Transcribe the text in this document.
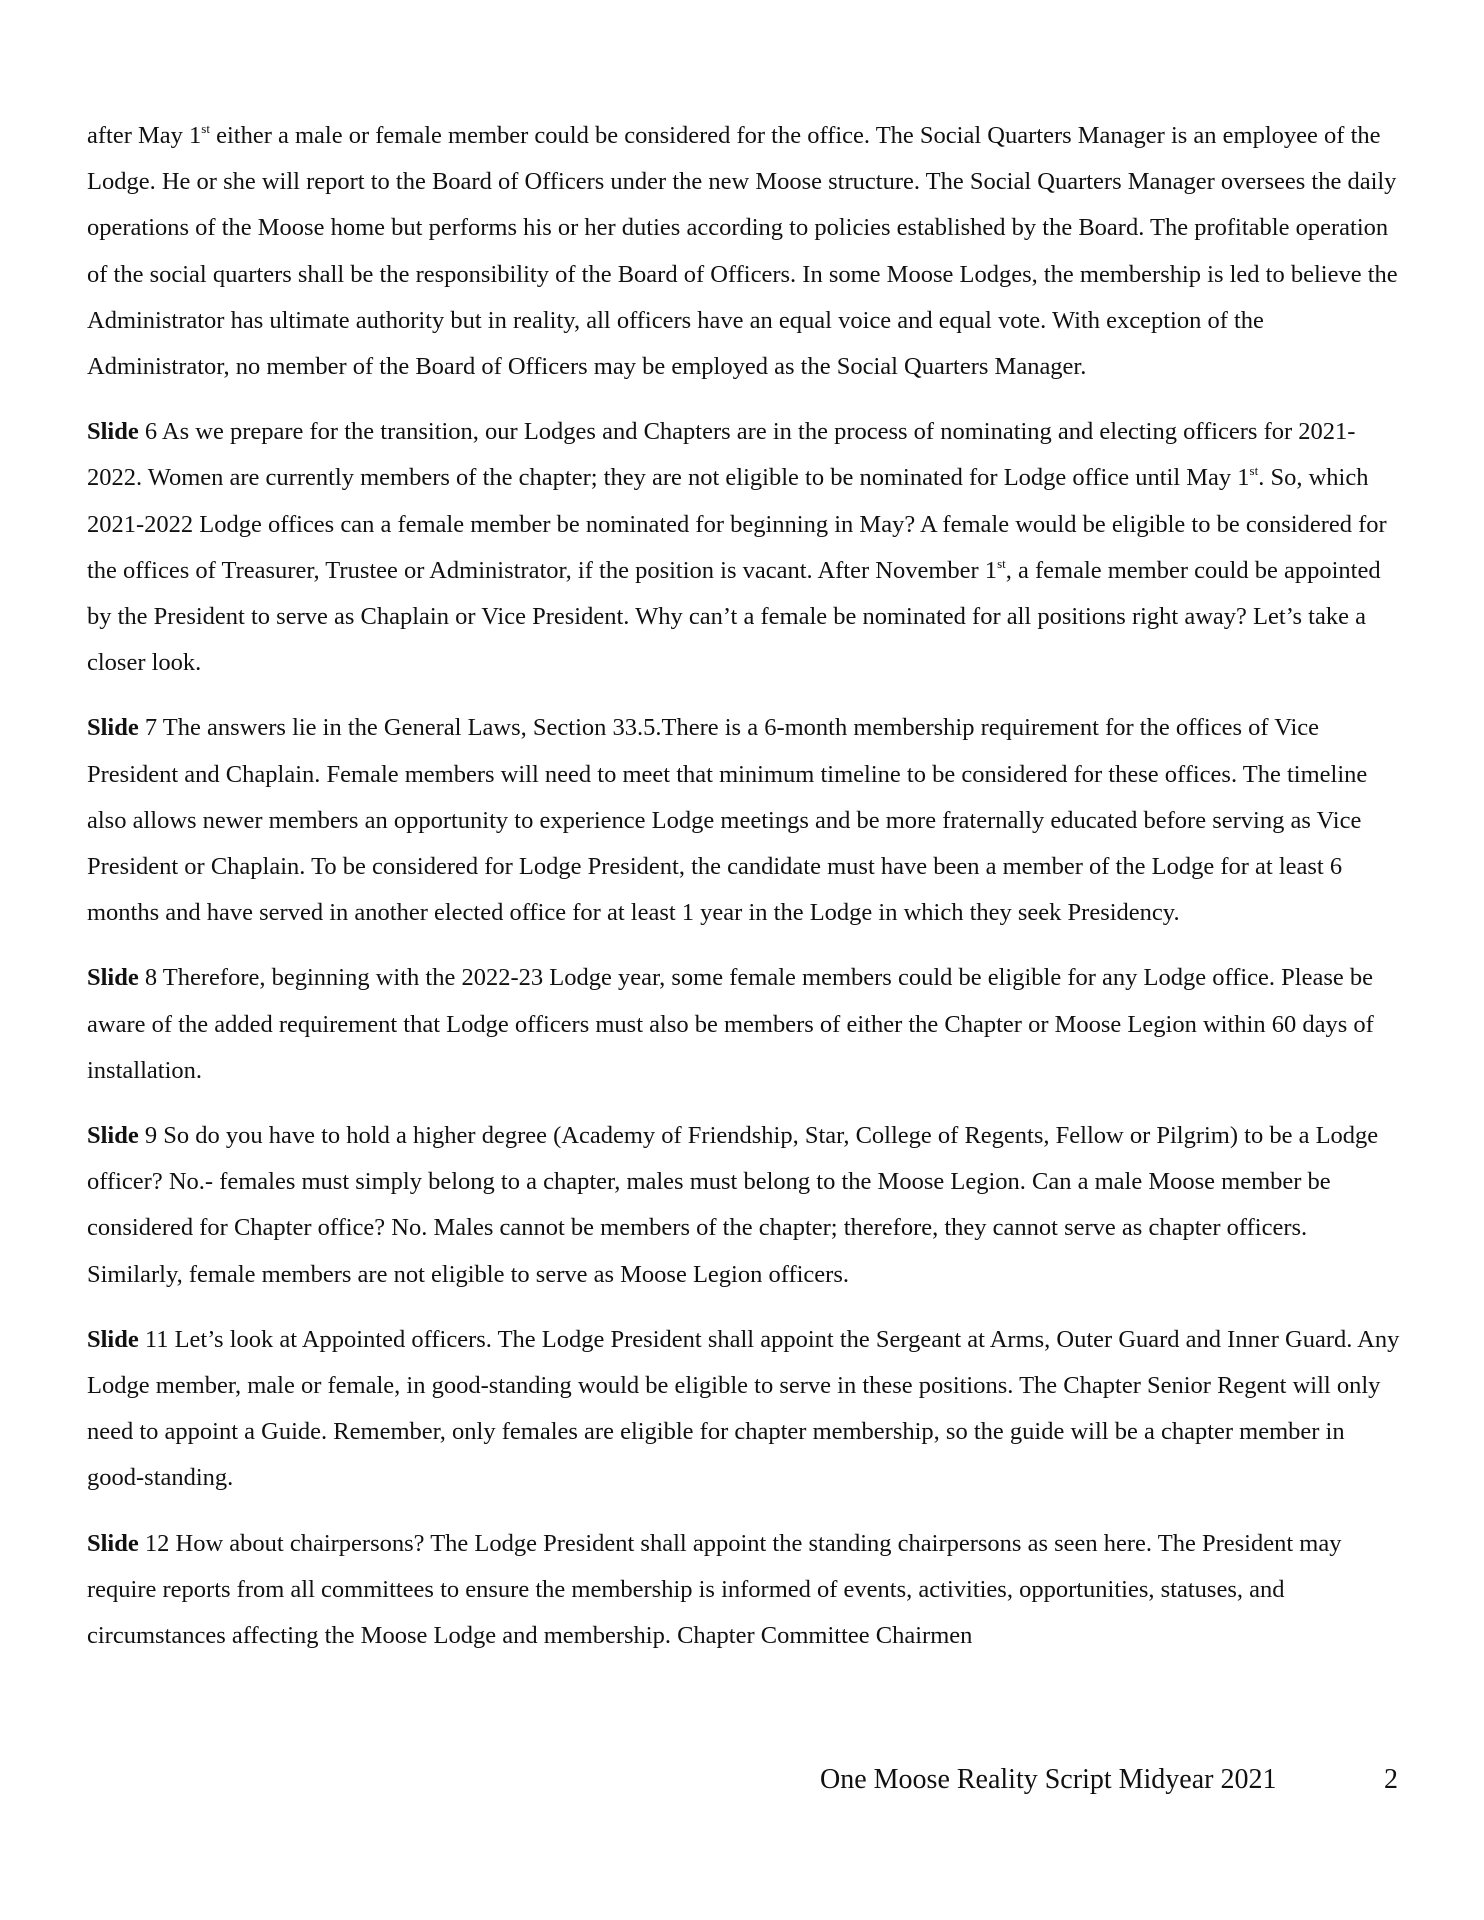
after May 1st either a male or female member could be considered for the office. The Social Quarters Manager is an employee of the Lodge. He or she will report to the Board of Officers under the new Moose structure. The Social Quarters Manager oversees the daily operations of the Moose home but performs his or her duties according to policies established by the Board. The profitable operation of the social quarters shall be the responsibility of the Board of Officers. In some Moose Lodges, the membership is led to believe the Administrator has ultimate authority but in reality, all officers have an equal voice and equal vote. With exception of the Administrator, no member of the Board of Officers may be employed as the Social Quarters Manager.

Slide 6 As we prepare for the transition, our Lodges and Chapters are in the process of nominating and electing officers for 2021-2022. Women are currently members of the chapter; they are not eligible to be nominated for Lodge office until May 1st. So, which 2021-2022 Lodge offices can a female member be nominated for beginning in May? A female would be eligible to be considered for the offices of Treasurer, Trustee or Administrator, if the position is vacant. After November 1st, a female member could be appointed by the President to serve as Chaplain or Vice President. Why can’t a female be nominated for all positions right away? Let’s take a closer look.

Slide 7 The answers lie in the General Laws, Section 33.5.There is a 6-month membership requirement for the offices of Vice President and Chaplain. Female members will need to meet that minimum timeline to be considered for these offices. The timeline also allows newer members an opportunity to experience Lodge meetings and be more fraternally educated before serving as Vice President or Chaplain. To be considered for Lodge President, the candidate must have been a member of the Lodge for at least 6 months and have served in another elected office for at least 1 year in the Lodge in which they seek Presidency.

Slide 8 Therefore, beginning with the 2022-23 Lodge year, some female members could be eligible for any Lodge office. Please be aware of the added requirement that Lodge officers must also be members of either the Chapter or Moose Legion within 60 days of installation.

Slide 9 So do you have to hold a higher degree (Academy of Friendship, Star, College of Regents, Fellow or Pilgrim) to be a Lodge officer? No.- females must simply belong to a chapter, males must belong to the Moose Legion. Can a male Moose member be considered for Chapter office? No. Males cannot be members of the chapter; therefore, they cannot serve as chapter officers. Similarly, female members are not eligible to serve as Moose Legion officers.

Slide 11 Let’s look at Appointed officers. The Lodge President shall appoint the Sergeant at Arms, Outer Guard and Inner Guard. Any Lodge member, male or female, in good-standing would be eligible to serve in these positions. The Chapter Senior Regent will only need to appoint a Guide. Remember, only females are eligible for chapter membership, so the guide will be a chapter member in good-standing.

Slide 12 How about chairpersons? The Lodge President shall appoint the standing chairpersons as seen here. The President may require reports from all committees to ensure the membership is informed of events, activities, opportunities, statuses, and circumstances affecting the Moose Lodge and membership. Chapter Committee Chairmen

One Moose Reality Script Midyear 2021	2
